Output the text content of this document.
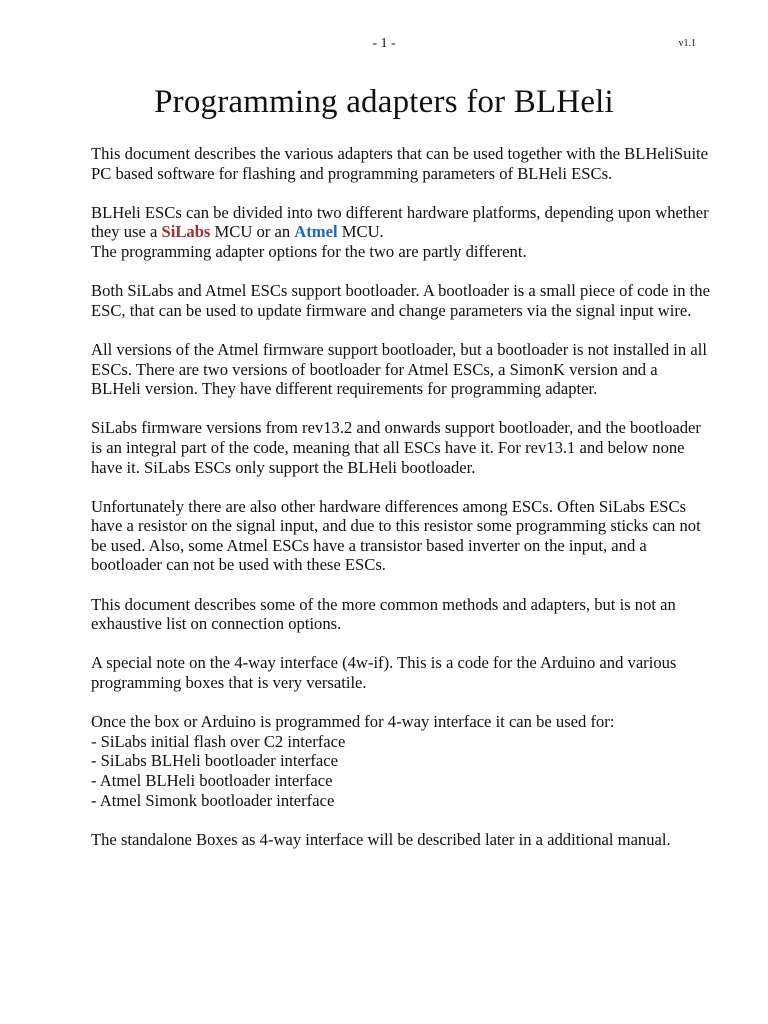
- 1 -	v1.1
Programming adapters for BLHeli

This document describes the various adapters that can be used together with the BLHeliSuite PC based software for flashing and programming parameters of BLHeli ESCs.

BLHeli ESCs can be divided into two different hardware platforms, depending upon whether they use a SiLabs MCU or an Atmel MCU.
The programming adapter options for the two are partly different.

Both SiLabs and Atmel ESCs support bootloader. A bootloader is a small piece of code in the ESC, that can be used to update firmware and change parameters via the signal input wire.

All versions of the Atmel firmware support bootloader, but a bootloader is not installed in all ESCs. There are two versions of bootloader for Atmel ESCs, a SimonK version and a BLHeli version. They have different requirements for programming adapter.

SiLabs firmware versions from rev13.2 and onwards support bootloader, and the bootloader is an integral part of the code, meaning that all ESCs have it. For rev13.1 and below none have it. SiLabs ESCs only support the BLHeli bootloader.

Unfortunately there are also other hardware differences among ESCs. Often SiLabs ESCs have a resistor on the signal input, and due to this resistor some programming sticks can not be used. Also, some Atmel ESCs have a transistor based inverter on the input, and a bootloader can not be used with these ESCs.

This document describes some of the more common methods and adapters, but is not an exhaustive list on connection options.

A special note on the 4-way interface (4w-if). This is a code for the Arduino and various programming boxes that is very versatile.

Once the box or Arduino is programmed for 4-way interface it can be used for:
- SiLabs initial flash over C2 interface
- SiLabs BLHeli bootloader interface
- Atmel BLHeli bootloader interface
- Atmel Simonk bootloader interface

The standalone Boxes as 4-way interface will be described later in a additional manual.
